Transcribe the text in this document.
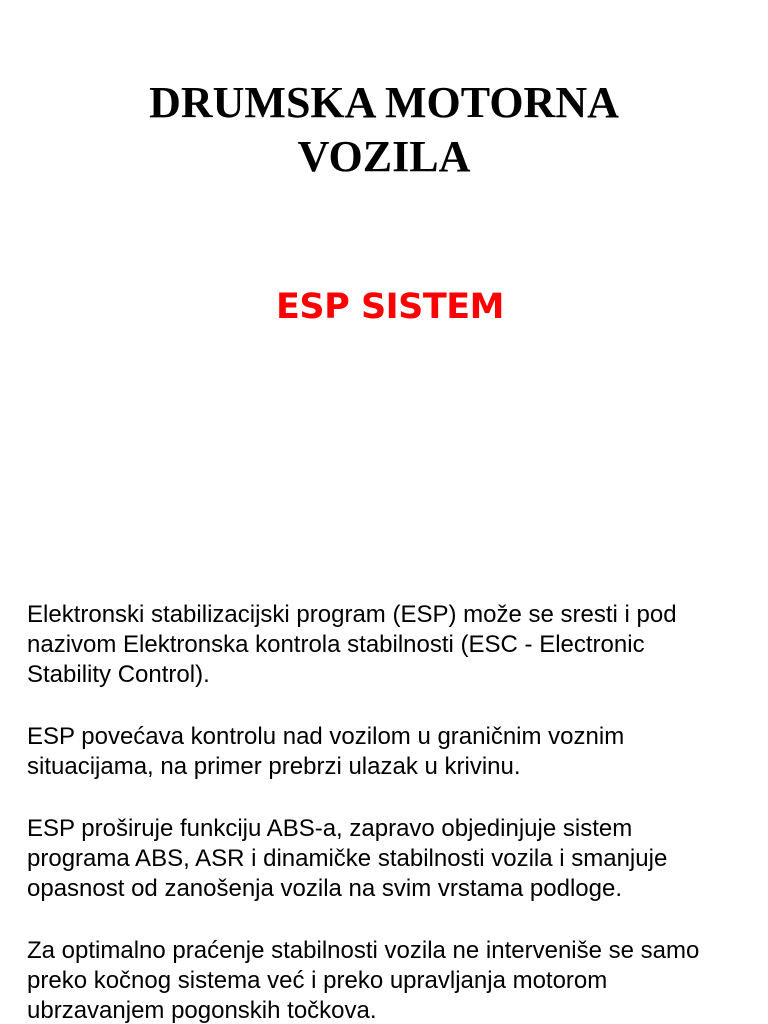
DRUMSKA MOTORNA
VOZILA
ESP SISTEM

Elektronski stabilizacijski program (ESP) može se sresti i pod
nazivom Elektronska kontrola stabilnosti (ESC - Electronic
Stability Control).

ESP povećava kontrolu nad vozilom u graničnim voznim
situacijama, na primer prebrzi ulazak u krivinu.

ESP proširuje funkciju ABS-a, zapravo objedinjuje sistem
programa ABS, ASR i dinamičke stabilnosti vozila i smanjuje
opasnost od zanošenja vozila na svim vrstama podloge.

Za optimalno praćenje stabilnosti vozila ne interveniše se samo
preko kočnog sistema već i preko upravljanja motorom
ubrzavanjem pogonskih točkova.
